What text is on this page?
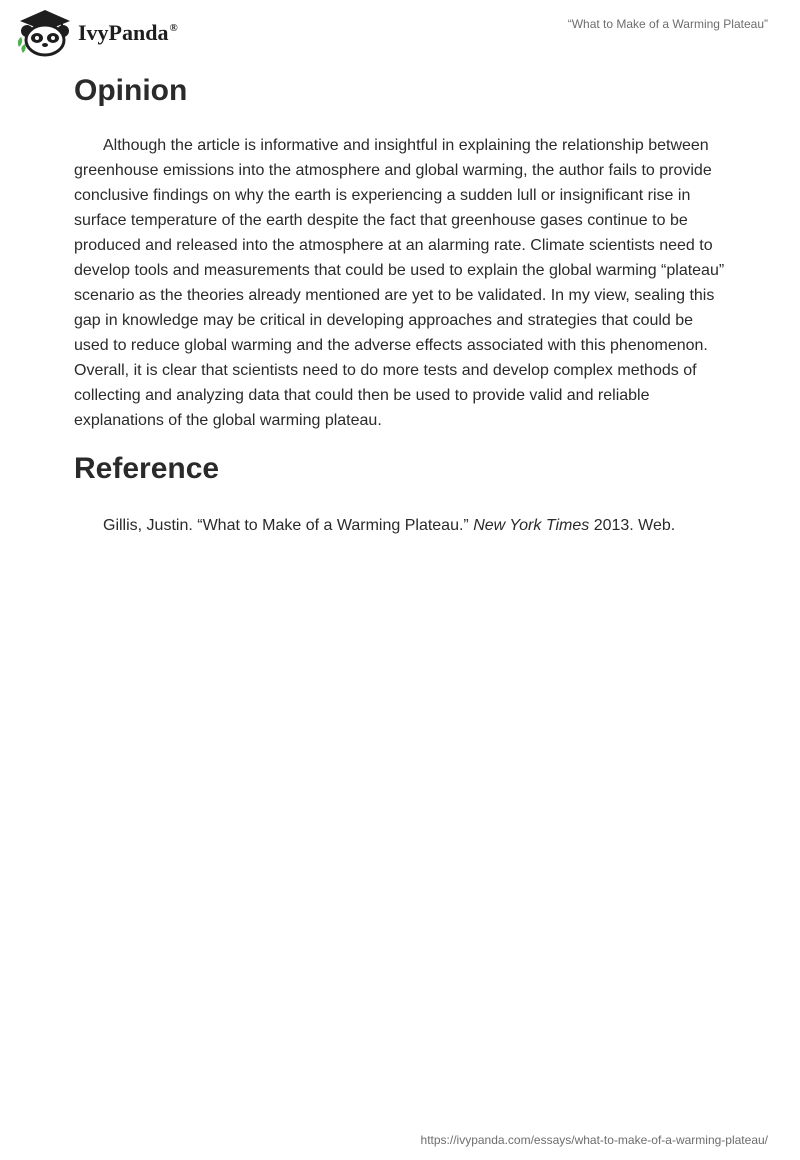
IvyPanda®	“What to Make of a Warming Plateau”
Opinion

Although the article is informative and insightful in explaining the relationship between greenhouse emissions into the atmosphere and global warming, the author fails to provide conclusive findings on why the earth is experiencing a sudden lull or insignificant rise in surface temperature of the earth despite the fact that greenhouse gases continue to be produced and released into the atmosphere at an alarming rate. Climate scientists need to develop tools and measurements that could be used to explain the global warming “plateau” scenario as the theories already mentioned are yet to be validated. In my view, sealing this gap in knowledge may be critical in developing approaches and strategies that could be used to reduce global warming and the adverse effects associated with this phenomenon. Overall, it is clear that scientists need to do more tests and develop complex methods of collecting and analyzing data that could then be used to provide valid and reliable explanations of the global warming plateau.

Reference

Gillis, Justin. “What to Make of a Warming Plateau.” New York Times 2013. Web.

https://ivypanda.com/essays/what-to-make-of-a-warming-plateau/
